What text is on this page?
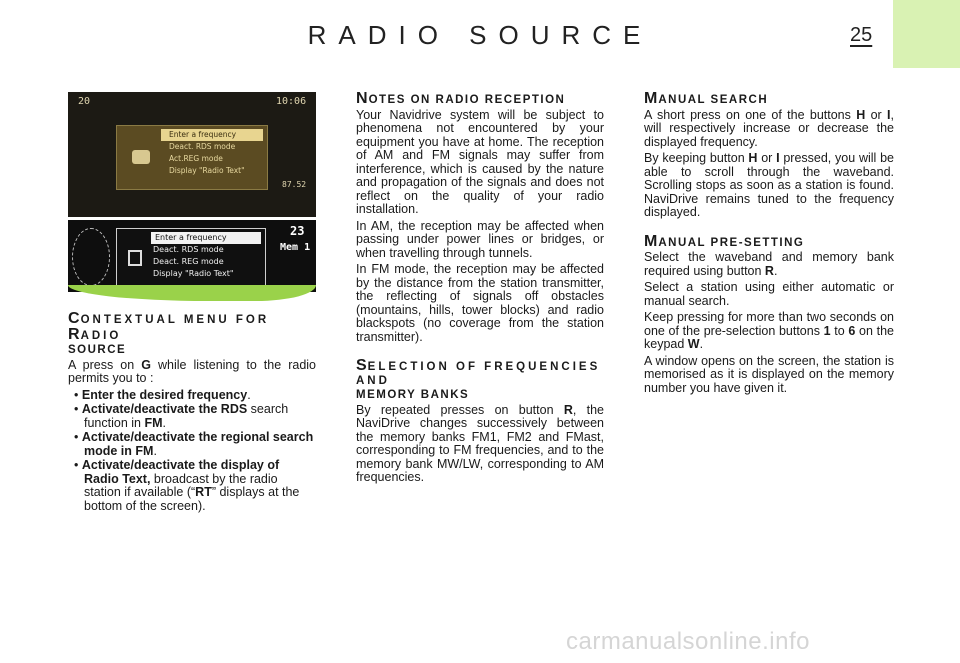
RADIO SOURCE	25
20	10:06
Enter a frequency
Deact. RDS mode
Act.REG mode
Display "Radio Text"
87.52
Enter a frequency
Deact. RDS mode
Deact. REG mode
Display "Radio Text"
23
Mem 1
CONTEXTUAL MENU FOR RADIO
SOURCE
A press on G while listening to the radio permits you to :
• Enter the desired frequency.
• Activate/deactivate the RDS search function in FM.
• Activate/deactivate the regional search mode in FM.
• Activate/deactivate the display of Radio Text, broadcast by the radio station if available (“RT” displays at the bottom of the screen).
NOTES ON RADIO RECEPTION
Your Navidrive system will be subject to phenomena not encountered by your equipment you have at home. The reception of AM and FM signals may suffer from interference, which is caused by the nature and propagation of the signals and does not reflect on the quality of your radio installation.
In AM, the reception may be affected when passing under power lines or bridges, or when travelling through tunnels.
In FM mode, the reception may be affected by the distance from the station transmitter, the reflecting of signals off obstacles (mountains, hills, tower blocks) and radio blackspots (no coverage from the station transmitter).
SELECTION OF FREQUENCIES AND
MEMORY BANKS
By repeated presses on button R, the NaviDrive changes successively between the memory banks FM1, FM2 and FMast, corresponding to FM frequencies, and to the memory bank MW/LW, corresponding to AM frequencies.
MANUAL SEARCH
A short press on one of the buttons H or I, will respectively increase or decrease the displayed frequency.
By keeping button H or I pressed, you will be able to scroll through the waveband. Scrolling stops as soon as a station is found. NaviDrive remains tuned to the frequency displayed.
MANUAL PRE-SETTING
Select the waveband and memory bank required using button R.
Select a station using either automatic or manual search.
Keep pressing for more than two seconds on one of the pre-selection buttons 1 to 6 on the keypad W.
A window opens on the screen, the station is memorised as it is displayed on the memory number you have given it.
carmanualsonline.info
